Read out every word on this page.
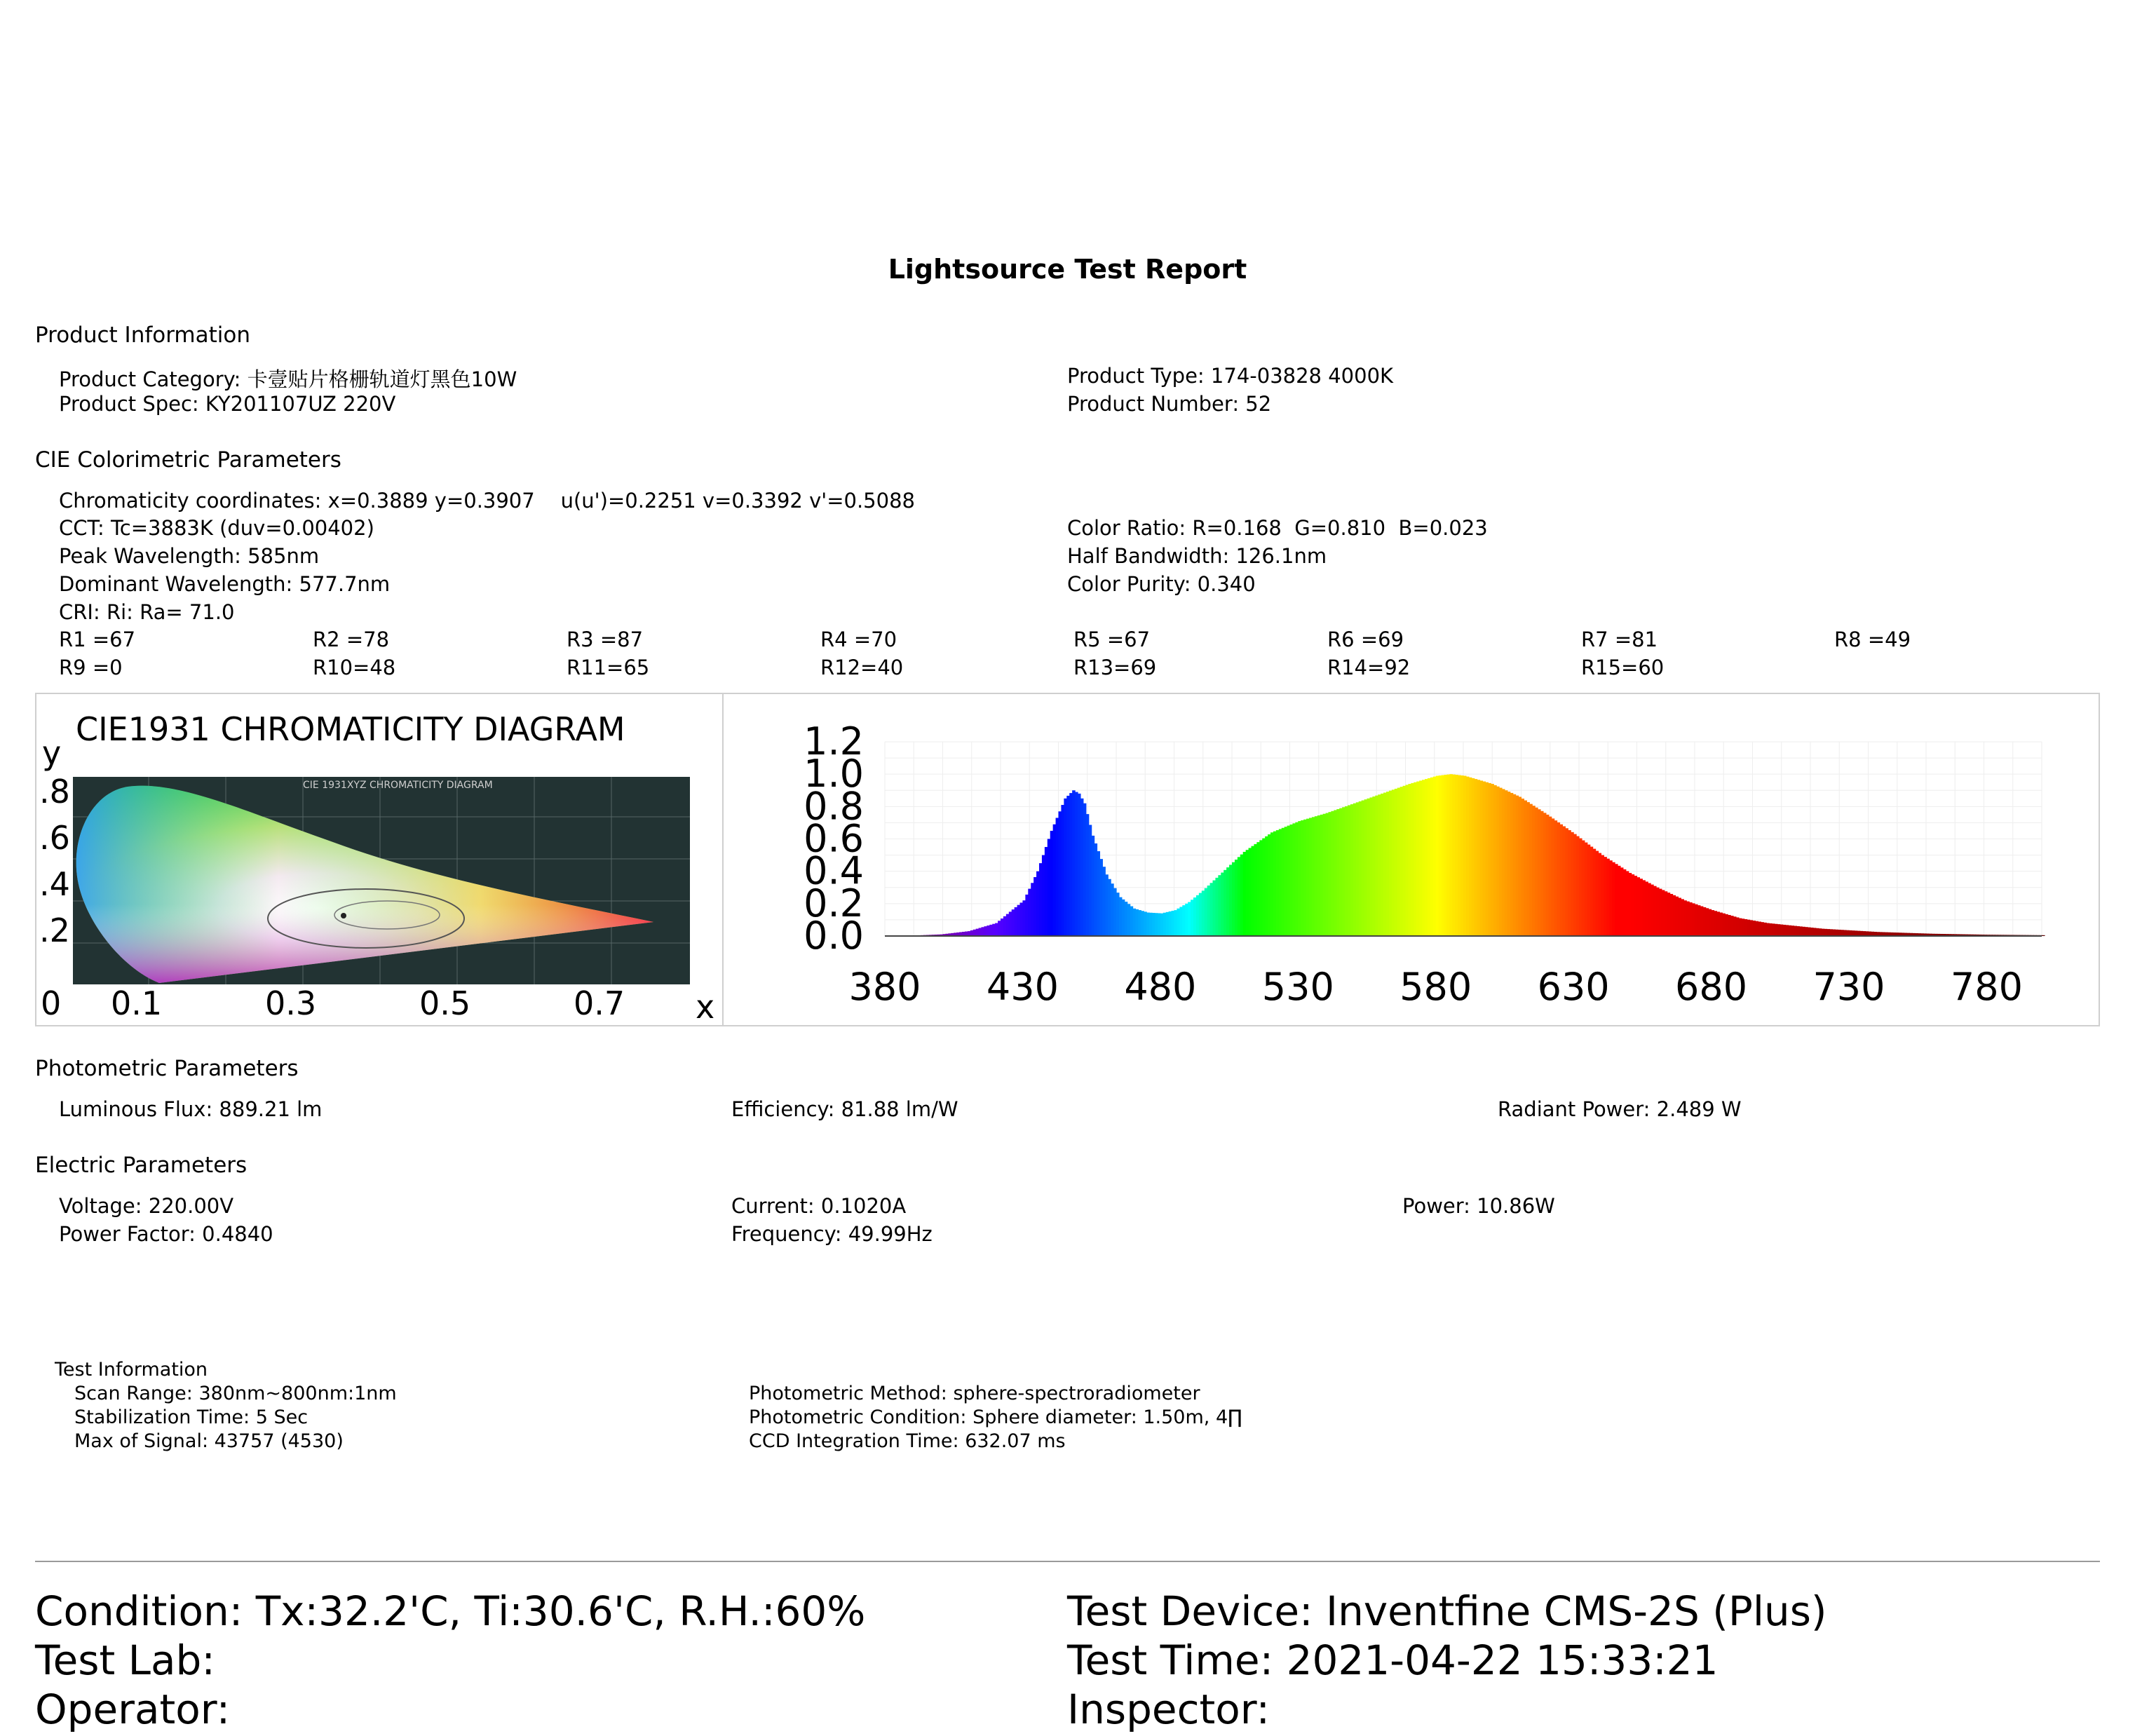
Lightsource Test Report
Product Information
Product Category: 卡壹贴片格栅轨道灯黑色10W	Product Type: 174-03828 4000K
Product Spec: KY201107UZ 220V	Product Number: 52
CIE Colorimetric Parameters
Chromaticity coordinates: x=0.3889 y=0.3907    u(u')=0.2251 v=0.3392 v'=0.5088
CCT: Tc=3883K (duv=0.00402)	Color Ratio: R=0.168  G=0.810  B=0.023
Peak Wavelength: 585nm	Half Bandwidth: 126.1nm
Dominant Wavelength: 577.7nm	Color Purity: 0.340
CRI: Ri: Ra= 71.0
R1 =67	R2 =78	R3 =87	R4 =70	R5 =67	R6 =69	R7 =81	R8 =49
R9 =0	R10=48	R11=65	R12=40	R13=69	R14=92	R15=60
CIE 1931XYZ CHROMATICITY DIAGRAM
CIE1931 CHROMATICITY DIAGRAM
y
.8
.6
.4
.2
0 0.1	0.3	0.5	0.7 x
0.0
0.2
0.4
0.6
0.8
1.0
1.2
380 430 480 530 580 630 680 730 780
Photometric Parameters
Luminous Flux: 889.21 lm	Efficiency: 81.88 lm/W	Radiant Power: 2.489 W
Electric Parameters
Voltage: 220.00V	Current: 0.1020A	Power: 10.86W
Power Factor: 0.4840	Frequency: 49.99Hz
Test Information
Scan Range: 380nm~800nm:1nm
Stabilization Time: 5 Sec
Max of Signal: 43757 (4530)
Photometric Method: sphere-spectroradiometer
Photometric Condition: Sphere diameter: 1.50m, 4∏
CCD Integration Time: 632.07 ms
Condition: Tx:32.2'C, Ti:30.6'C, R.H.:60%	Test Device: Inventfine CMS-2S (Plus)
Test Lab:	Test Time: 2021-04-22 15:33:21
Operator:	Inspector:
